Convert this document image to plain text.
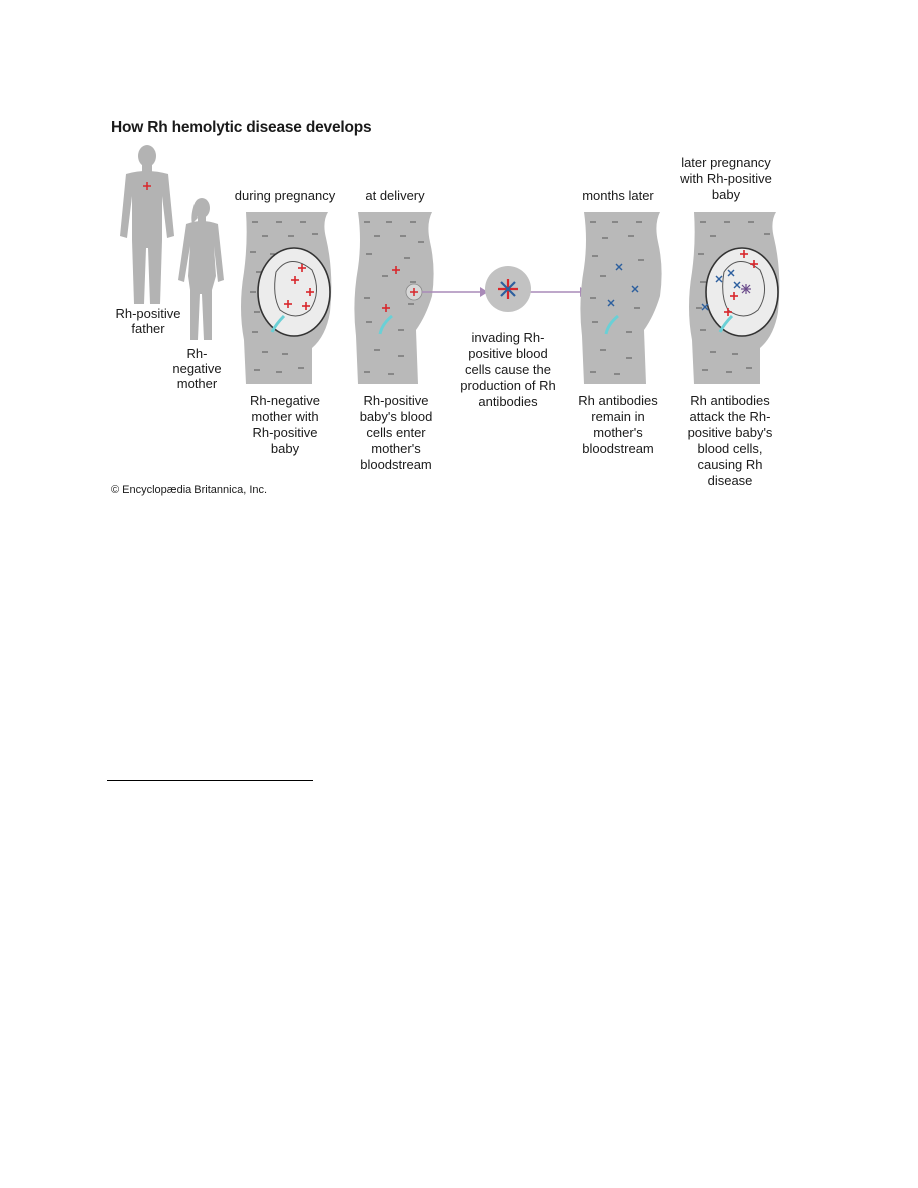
How Rh hemolytic disease develops
Rh-positive father
Rh-negative mother
during pregnancy	at delivery	months later
later pregnancy with Rh-positive baby
Rh-negative mother with Rh-positive baby
Rh-positive baby's blood cells enter mother's bloodstream
invading Rh-positive blood cells cause the production of Rh antibodies	Rh antibodies remain in mother's bloodstream
Rh antibodies attack the Rh-positive baby's blood cells, causing Rh disease
© Encyclopædia Britannica, Inc.
